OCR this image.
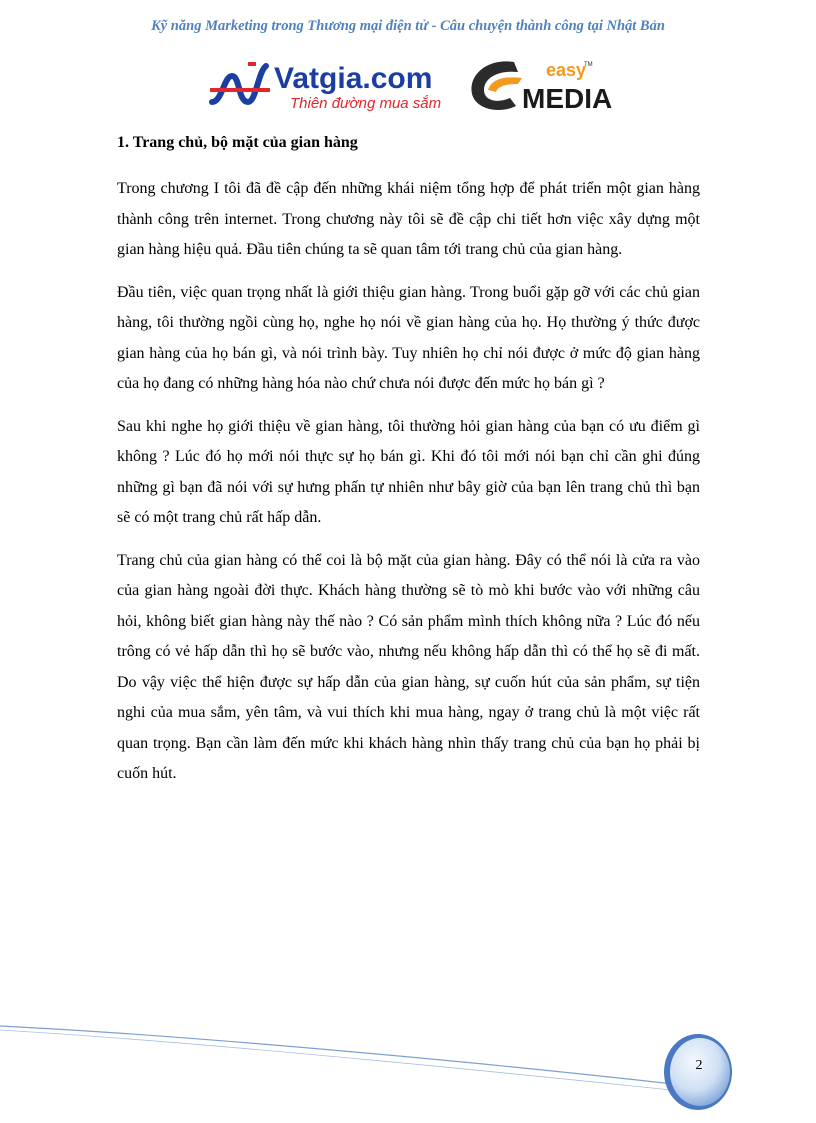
Kỹ năng Marketing trong Thương mại điện tử - Câu chuyện thành công tại Nhật Bản
Vatgia.com
Thiên đường mua sắm
easy
TM
MEDIA
1. Trang chủ, bộ mặt của gian hàng

Trong chương I tôi đã đề cập đến những khái niệm tổng hợp để phát triển một gian hàng thành công trên internet. Trong chương này tôi sẽ đề cập chi tiết hơn việc xây dựng một gian hàng hiệu quả. Đầu tiên chúng ta sẽ quan tâm tới trang chủ của gian hàng.

Đầu tiên, việc quan trọng nhất là giới thiệu gian hàng. Trong buổi gặp gỡ với các chủ gian hàng, tôi thường ngồi cùng họ, nghe họ nói về gian hàng của họ. Họ thường ý thức được gian hàng của họ bán gì, và nói trình bày. Tuy nhiên họ chỉ nói được ở mức độ gian hàng của họ đang có những hàng hóa nào chứ chưa nói được đến mức họ bán gì ?

Sau khi nghe họ giới thiệu về gian hàng, tôi thường hỏi gian hàng của bạn có ưu điểm gì không ? Lúc đó họ mới nói thực sự họ bán gì. Khi đó tôi mới nói bạn chỉ cần ghi đúng những gì bạn đã nói với sự hưng phấn tự nhiên như bây giờ của bạn lên trang chủ thì bạn sẽ có một trang chủ rất hấp dẫn.

Trang chủ của gian hàng có thể coi là bộ mặt của gian hàng. Đây có thể nói là cửa ra vào của gian hàng ngoài đời thực. Khách hàng thường sẽ tò mò khi bước vào với những câu hỏi, không biết gian hàng này thế nào ? Có sản phẩm mình thích không nữa ? Lúc đó nếu trông có vẻ hấp dẫn thì họ sẽ bước vào, nhưng nếu không hấp dẫn thì có thể họ sẽ đi mất. Do vậy việc thể hiện được sự hấp dẫn của gian hàng, sự cuốn hút của sản phẩm, sự tiện nghi của mua sắm, yên tâm, và vui thích khi mua hàng, ngay ở trang chủ là một việc rất quan trọng. Bạn cần làm đến mức khi khách hàng nhìn thấy trang chủ của bạn họ phải bị cuốn hút.

2
